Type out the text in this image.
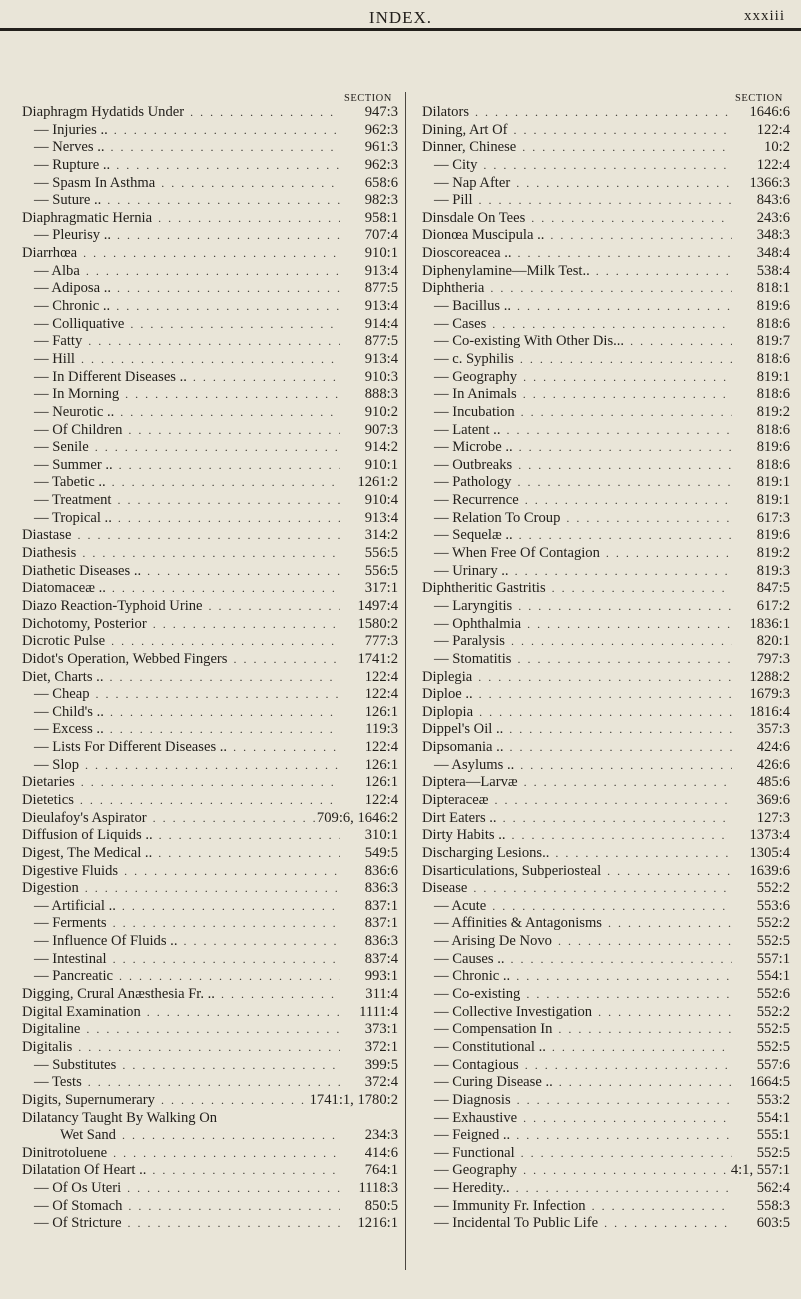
INDEX.	xxxiii
SECTION	SECTION
Diaphragm Hydatids Under . . .	947:3
— Injuries .. . . .	962:3
— Nerves .. . . .	961:3
— Rupture .. . . .	962:3
— Spasm In Asthma . . .	658:6
— Suture .. . . .	982:3
Diaphragmatic Hernia . . .	958:1
— Pleurisy .. . . .	707:4
Diarrhœa . . .	910:1
— Alba . . .	913:4
— Adiposa .. . . .	877:5
— Chronic .. . . .	913:4
— Colliquative . . .	914:4
— Fatty . . .	877:5
— Hill . . .	913:4
— In Different Diseases .. . . .	910:3
— In Morning . . .	888:3
— Neurotic .. . . .	910:2
— Of Children . . .	907:3
— Senile . . .	914:2
— Summer .. . . .	910:1
— Tabetic .. . . .	1261:2
— Treatment . . .	910:4
— Tropical .. . . .	913:4
Diastase . . .	314:2
Diathesis . . .	556:5
Diathetic Diseases .. . . .	556:5
Diatomaceæ .. . . .	317:1
Diazo Reaction-Typhoid Urine . . .	1497:4
Dichotomy, Posterior . . .	1580:2
Dicrotic Pulse . . .	777:3
Didot's Operation, Webbed Fingers . . .	1741:2
Diet, Charts .. . . .	122:4
— Cheap . . .	122:4
— Child's .. . . .	126:1
— Excess .. . . .	119:3
— Lists For Different Diseases .. . . .	122:4
— Slop . . .	126:1
Dietaries . . .	126:1
Dietetics . . .	122:4
Dieulafoy's Aspirator . . .	709:6, 1646:2
Diffusion of Liquids .. . . .	310:1
Digest, The Medical .. . . .	549:5
Digestive Fluids . . .	836:6
Digestion . . .	836:3
— Artificial .. . . .	837:1
— Ferments . . .	837:1
— Influence Of Fluids .. . . .	836:3
— Intestinal . . .	837:4
— Pancreatic . . .	993:1
Digging, Crural Anæsthesia Fr. .. . . .	311:4
Digital Examination . . .	1111:4
Digitaline . . .	373:1
Digitalis . . .	372:1
— Substitutes . . .	399:5
— Tests . . .	372:4
Digits, Supernumerary . . .	1741:1, 1780:2
Dilatancy Taught By Walking On
Wet Sand . . .	234:3
Dinitrotoluene . . .	414:6
Dilatation Of Heart .. . . .	764:1
— Of Os Uteri . . .	1118:3
— Of Stomach . . .	850:5
— Of Stricture . . .	1216:1
Dilators . . .	1646:6
Dining, Art Of . . .	122:4
Dinner, Chinese . . .	10:2
— City . . .	122:4
— Nap After . . .	1366:3
— Pill . . .	843:6
Dinsdale On Tees . . .	243:6
Dionœa Muscipula .. . . .	348:3
Dioscoreacea .. . . .	348:4
Diphenylamine—Milk Test.. . . .	538:4
Diphtheria . . .	818:1
— Bacillus .. . . .	819:6
— Cases . . .	818:6
— Co-existing With Other Dis... . . .	819:7
— c. Syphilis . . .	818:6
— Geography . . .	819:1
— In Animals . . .	818:6
— Incubation . . .	819:2
— Latent .. . . .	818:6
— Microbe .. . . .	819:6
— Outbreaks . . .	818:6
— Pathology . . .	819:1
— Recurrence . . .	819:1
— Relation To Croup . . .	617:3
— Sequelæ .. . . .	819:6
— When Free Of Contagion . . .	819:2
— Urinary .. . . .	819:3
Diphtheritic Gastritis . . .	847:5
— Laryngitis . . .	617:2
— Ophthalmia . . .	1836:1
— Paralysis . . .	820:1
— Stomatitis . . .	797:3
Diplegia . . .	1288:2
Diploe .. . . .	1679:3
Diplopia . . .	1816:4
Dippel's Oil .. . . .	357:3
Dipsomania .. . . .	424:6
— Asylums .. . . .	426:6
Diptera—Larvæ . . .	485:6
Dipteraceæ . . .	369:6
Dirt Eaters .. . . .	127:3
Dirty Habits .. . . .	1373:4
Discharging Lesions.. . . .	1305:4
Disarticulations, Subperiosteal . . .	1639:6
Disease . . .	552:2
— Acute . . .	553:6
— Affinities & Antagonisms . . .	552:2
— Arising De Novo . . .	552:5
— Causes .. . . .	557:1
— Chronic .. . . .	554:1
— Co-existing . . .	552:6
— Collective Investigation . . .	552:2
— Compensation In . . .	552:5
— Constitutional .. . . .	552:5
— Contagious . . .	557:6
— Curing Disease .. . . .	1664:5
— Diagnosis . . .	553:2
— Exhaustive . . .	554:1
— Feigned .. . . .	555:1
— Functional . . .	552:5
— Geography . . .	4:1, 557:1
— Heredity.. . . .	562:4
— Immunity Fr. Infection . . .	558:3
— Incidental To Public Life . . .	603:5
